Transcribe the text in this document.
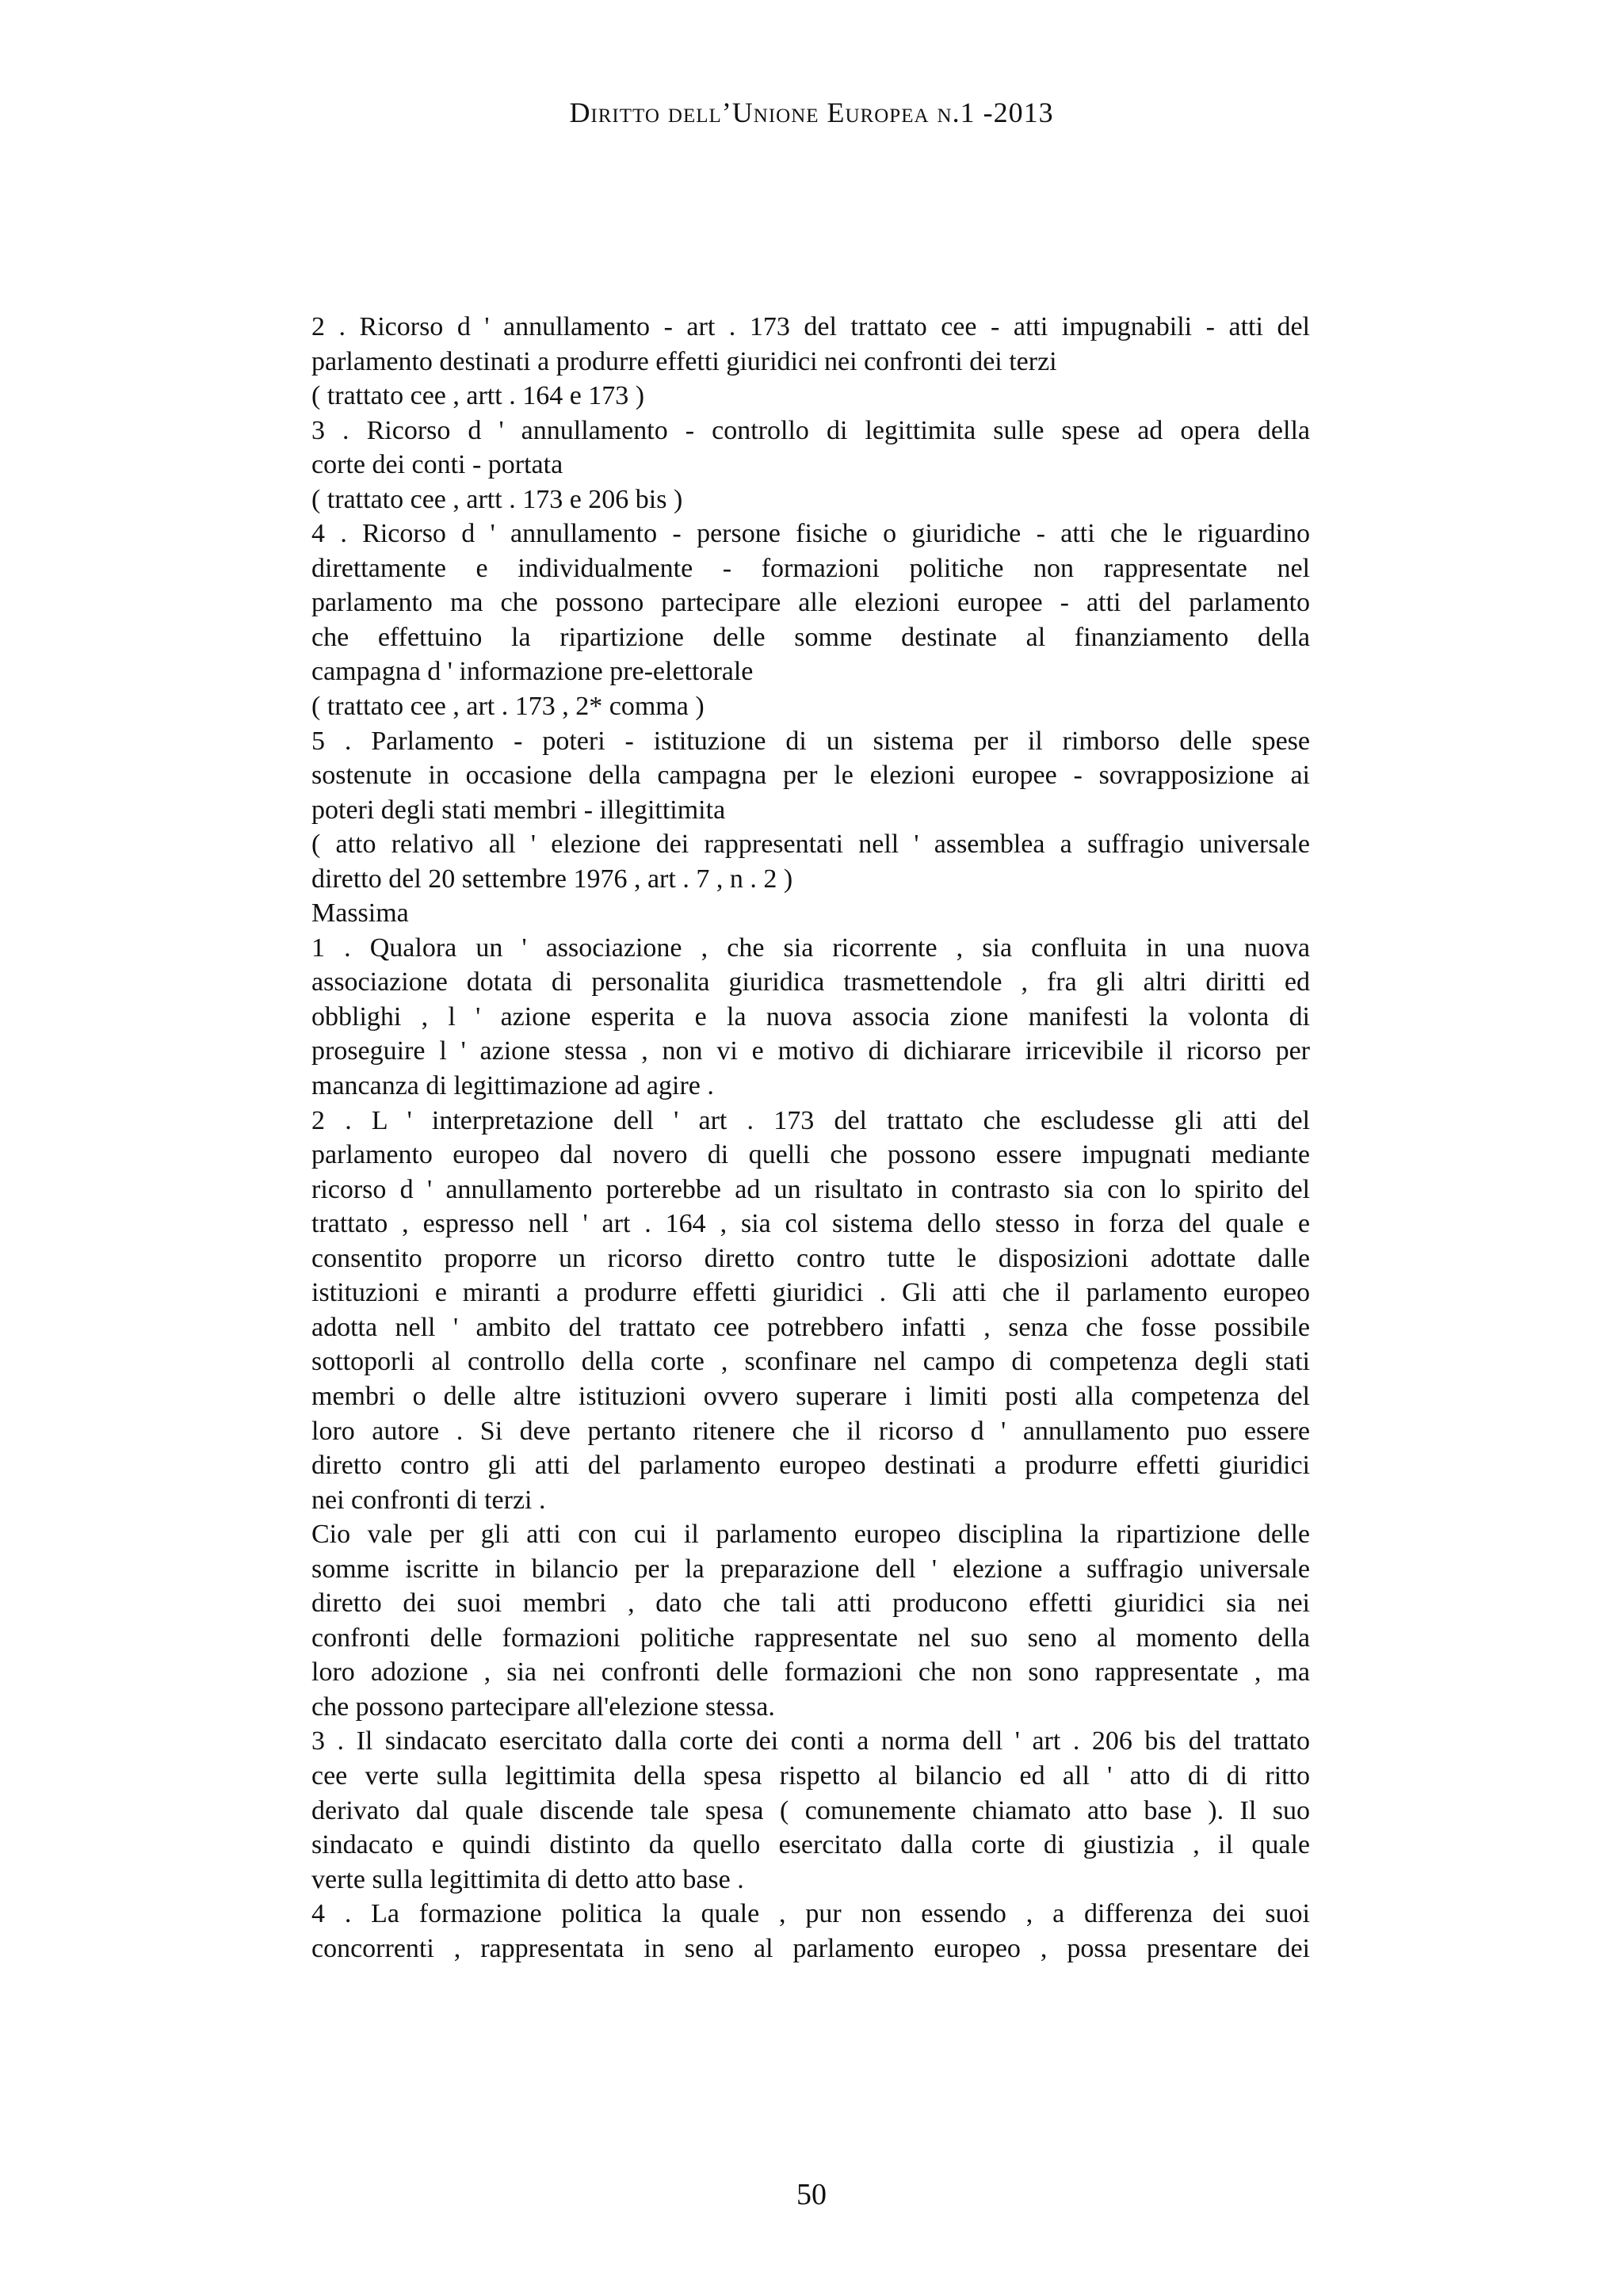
Diritto dell’Unione Europea n.1 -2013
2 . Ricorso d ' annullamento - art . 173 del trattato cee - atti impugnabili - atti del
parlamento destinati a produrre effetti giuridici nei confronti dei terzi
( trattato cee , artt . 164 e 173 )
3 . Ricorso d ' annullamento - controllo di legittimita sulle spese ad opera della
corte dei conti - portata
( trattato cee , artt . 173 e 206 bis )
4 . Ricorso d ' annullamento - persone fisiche o giuridiche - atti che le riguardino
direttamente e individualmente - formazioni politiche non rappresentate nel
parlamento ma che possono partecipare alle elezioni europee - atti del parlamento
che effettuino la ripartizione delle somme destinate al finanziamento della
campagna d ' informazione pre-elettorale
( trattato cee , art . 173 , 2* comma )
5 . Parlamento - poteri - istituzione di un sistema per il rimborso delle spese
sostenute in occasione della campagna per le elezioni europee - sovrapposizione ai
poteri degli stati membri - illegittimita
( atto relativo all ' elezione dei rappresentati nell ' assemblea a suffragio universale
diretto del 20 settembre 1976 , art . 7 , n . 2 )
Massima
1 . Qualora un ' associazione , che sia ricorrente , sia confluita in una nuova
associazione dotata di personalita giuridica trasmettendole , fra gli altri diritti ed
obblighi , l ' azione esperita e la nuova associa zione manifesti la volonta di
proseguire l ' azione stessa , non vi e motivo di dichiarare irricevibile il ricorso per
mancanza di legittimazione ad agire .
2 . L ' interpretazione dell ' art . 173 del trattato che escludesse gli atti del
parlamento europeo dal novero di quelli che possono essere impugnati mediante
ricorso d ' annullamento porterebbe ad un risultato in contrasto sia con lo spirito del
trattato , espresso nell ' art . 164 , sia col sistema dello stesso in forza del quale e
consentito proporre un ricorso diretto contro tutte le disposizioni adottate dalle
istituzioni e miranti a produrre effetti giuridici . Gli atti che il parlamento europeo
adotta nell ' ambito del trattato cee potrebbero infatti , senza che fosse possibile
sottoporli al controllo della corte , sconfinare nel campo di competenza degli stati
membri o delle altre istituzioni ovvero superare i limiti posti alla competenza del
loro autore . Si deve pertanto ritenere che il ricorso d ' annullamento puo essere
diretto contro gli atti del parlamento europeo destinati a produrre effetti giuridici
nei confronti di terzi .
Cio vale per gli atti con cui il parlamento europeo disciplina la ripartizione delle
somme iscritte in bilancio per la preparazione dell ' elezione a suffragio universale
diretto dei suoi membri , dato che tali atti producono effetti giuridici sia nei
confronti delle formazioni politiche rappresentate nel suo seno al momento della
loro adozione , sia nei confronti delle formazioni che non sono rappresentate , ma
che possono partecipare all'elezione stessa.
3 . Il sindacato esercitato dalla corte dei conti a norma dell ' art . 206 bis del trattato
cee verte sulla legittimita della spesa rispetto al bilancio ed all ' atto di di ritto
derivato dal quale discende tale spesa ( comunemente chiamato atto base ). Il suo
sindacato e quindi distinto da quello esercitato dalla corte di giustizia , il quale
verte sulla legittimita di detto atto base .
4 . La formazione politica la quale , pur non essendo , a differenza dei suoi
concorrenti , rappresentata in seno al parlamento europeo , possa presentare dei
50
